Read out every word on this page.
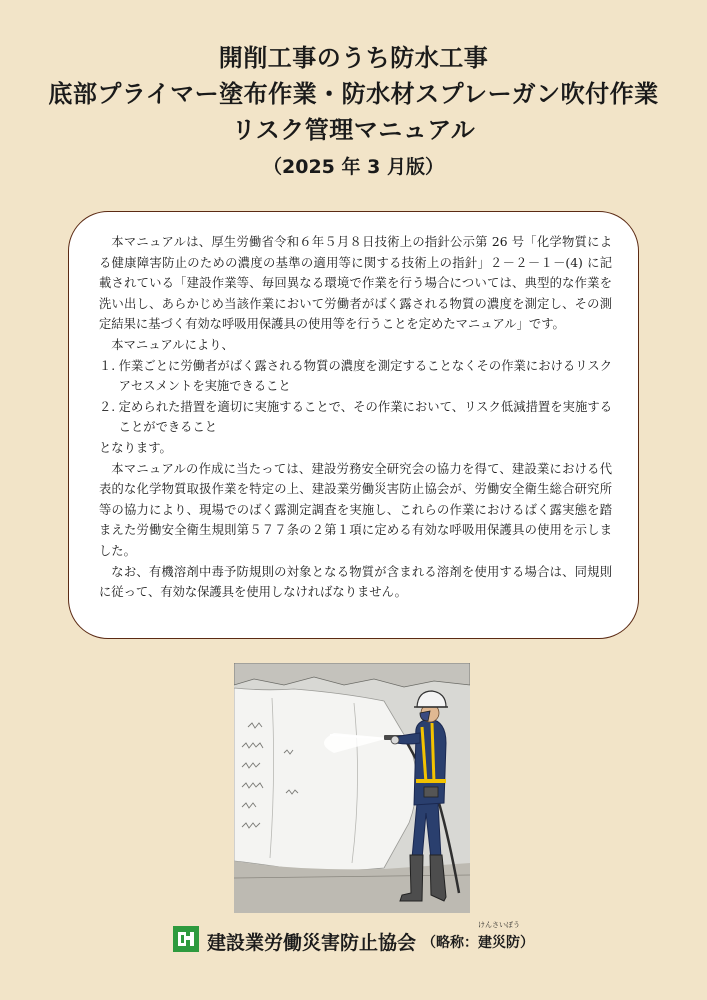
開削工事のうち防水工事
底部プライマー塗布作業・防水材スプレーガン吹付作業
リスク管理マニュアル
（2025 年 3 月版）

本マニュアルは、厚生労働省令和６年５月８日技術上の指針公示第 26 号「化学物質による健康障害防止のための濃度の基準の適用等に関する技術上の指針」２－２－１－(4) に記載されている「建設作業等、毎回異なる環境で作業を行う場合については、典型的な作業を洗い出し、あらかじめ当該作業において労働者がばく露される物質の濃度を測定し、その測定結果に基づく有効な呼吸用保護具の使用等を行うことを定めたマニュアル」です。

本マニュアルにより、

１. 作業ごとに労働者がばく露される物質の濃度を測定することなくその作業におけるリスクアセスメントを実施できること
２. 定められた措置を適切に実施することで、その作業において、リスク低減措置を実施することができること

となります。

本マニュアルの作成に当たっては、建設労務安全研究会の協力を得て、建設業における代表的な化学物質取扱作業を特定の上、建設業労働災害防止協会が、労働安全衛生総合研究所等の協力により、現場でのばく露測定調査を実施し、これらの作業におけるばく露実態を踏まえた労働安全衛生規則第５７７条の２第１項に定める有効な呼吸用保護具の使用を示しました。

なお、有機溶剤中毒予防規則の対象となる物質が含まれる溶剤を使用する場合は、同規則に従って、有効な保護具を使用しなければなりません。

建設業労働災害防止協会 （略称：
けんさいぼう
建災防）
